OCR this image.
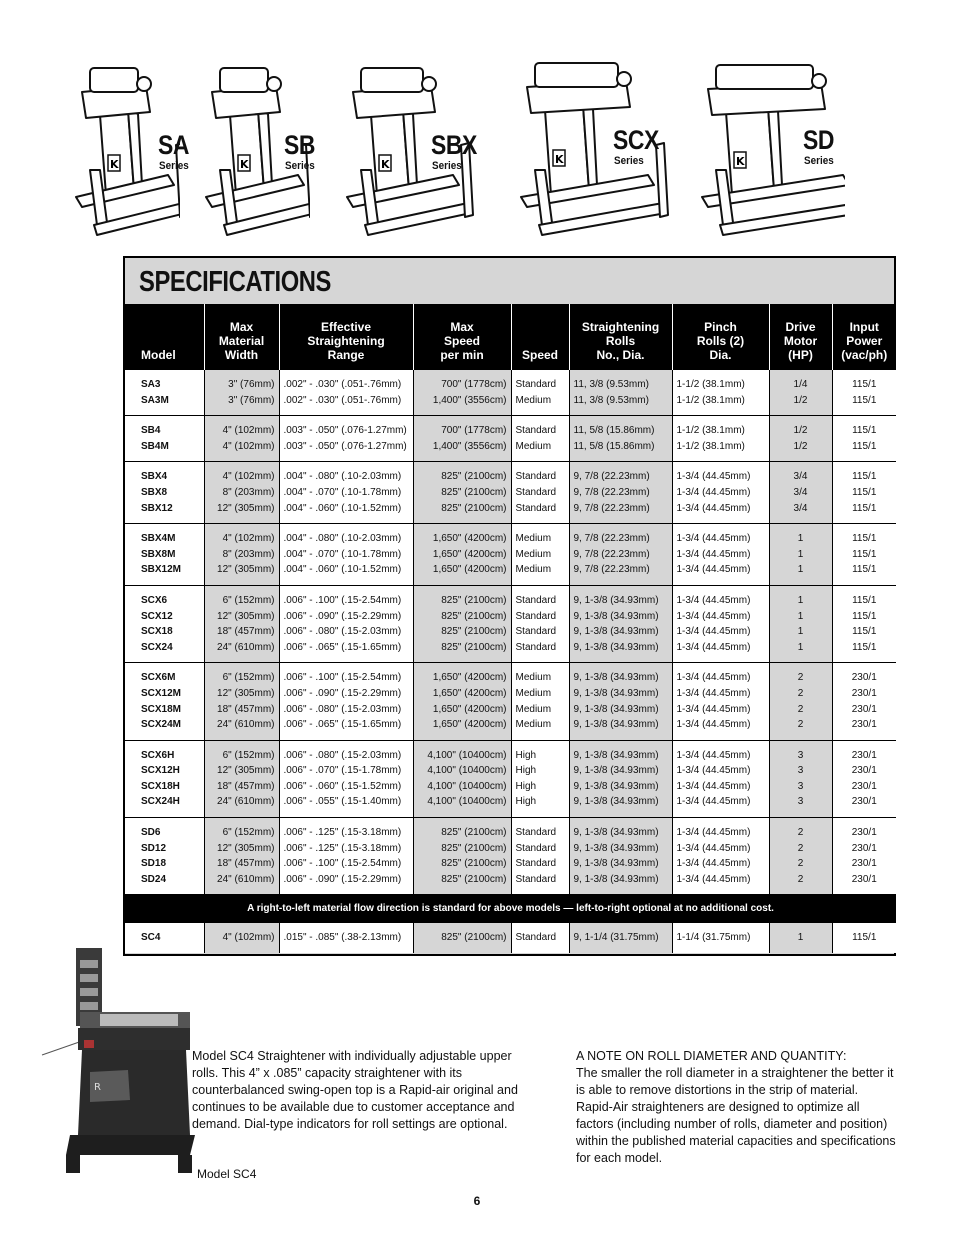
K
SA
Series	K
SB
Series	K
SBX
Series	K
SCX
Series	K
SD
Series
SPECIFICATIONS
Model	Max
Material
Width	Effective
Straightening
Range	Max
Speed
per min	Speed	Straightening
Rolls
No., Dia.	Pinch
Rolls (2)
Dia.	Drive
Motor
(HP)	Input
Power
(vac/ph)

SA3	3" (76mm)	.002" - .030" (.051-.76mm)	700" (1778cm)	Standard	11, 3/8 (9.53mm)	1-1/2 (38.1mm)	1/4	115/1
SA3M	3" (76mm)	.002" - .030" (.051-.76mm)	1,400" (3556cm)	Medium	11, 3/8 (9.53mm)	1-1/2 (38.1mm)	1/2	115/1

SB4	4" (102mm)	.003" - .050" (.076-1.27mm)	700" (1778cm)	Standard	11, 5/8 (15.86mm)	1-1/2 (38.1mm)	1/2	115/1
SB4M	4" (102mm)	.003" - .050" (.076-1.27mm)	1,400" (3556cm)	Medium	11, 5/8 (15.86mm)	1-1/2 (38.1mm)	1/2	115/1

SBX4	4" (102mm)	.004" - .080" (.10-2.03mm)	825" (2100cm)	Standard	9, 7/8 (22.23mm)	1-3/4 (44.45mm)	3/4	115/1
SBX8	8" (203mm)	.004" - .070" (.10-1.78mm)	825" (2100cm)	Standard	9, 7/8 (22.23mm)	1-3/4 (44.45mm)	3/4	115/1
SBX12	12" (305mm)	.004" - .060" (.10-1.52mm)	825" (2100cm)	Standard	9, 7/8 (22.23mm)	1-3/4 (44.45mm)	3/4	115/1

SBX4M	4" (102mm)	.004" - .080" (.10-2.03mm)	1,650" (4200cm)	Medium	9, 7/8 (22.23mm)	1-3/4 (44.45mm)	1	115/1
SBX8M	8" (203mm)	.004" - .070" (.10-1.78mm)	1,650" (4200cm)	Medium	9, 7/8 (22.23mm)	1-3/4 (44.45mm)	1	115/1
SBX12M	12" (305mm)	.004" - .060" (.10-1.52mm)	1,650" (4200cm)	Medium	9, 7/8 (22.23mm)	1-3/4 (44.45mm)	1	115/1

SCX6	6" (152mm)	.006" - .100" (.15-2.54mm)	825" (2100cm)	Standard	9, 1-3/8 (34.93mm)	1-3/4 (44.45mm)	1	115/1
SCX12	12" (305mm)	.006" - .090" (.15-2.29mm)	825" (2100cm)	Standard	9, 1-3/8 (34.93mm)	1-3/4 (44.45mm)	1	115/1
SCX18	18" (457mm)	.006" - .080" (.15-2.03mm)	825" (2100cm)	Standard	9, 1-3/8 (34.93mm)	1-3/4 (44.45mm)	1	115/1
SCX24	24" (610mm)	.006" - .065" (.15-1.65mm)	825" (2100cm)	Standard	9, 1-3/8 (34.93mm)	1-3/4 (44.45mm)	1	115/1

SCX6M	6" (152mm)	.006" - .100" (.15-2.54mm)	1,650" (4200cm)	Medium	9, 1-3/8 (34.93mm)	1-3/4 (44.45mm)	2	230/1
SCX12M	12" (305mm)	.006" - .090" (.15-2.29mm)	1,650" (4200cm)	Medium	9, 1-3/8 (34.93mm)	1-3/4 (44.45mm)	2	230/1
SCX18M	18" (457mm)	.006" - .080" (.15-2.03mm)	1,650" (4200cm)	Medium	9, 1-3/8 (34.93mm)	1-3/4 (44.45mm)	2	230/1
SCX24M	24" (610mm)	.006" - .065" (.15-1.65mm)	1,650" (4200cm)	Medium	9, 1-3/8 (34.93mm)	1-3/4 (44.45mm)	2	230/1

SCX6H	6" (152mm)	.006" - .080" (.15-2.03mm)	4,100" (10400cm)	High	9, 1-3/8 (34.93mm)	1-3/4 (44.45mm)	3	230/1
SCX12H	12" (305mm)	.006" - .070" (.15-1.78mm)	4,100" (10400cm)	High	9, 1-3/8 (34.93mm)	1-3/4 (44.45mm)	3	230/1
SCX18H	18" (457mm)	.006" - .060" (.15-1.52mm)	4,100" (10400cm)	High	9, 1-3/8 (34.93mm)	1-3/4 (44.45mm)	3	230/1
SCX24H	24" (610mm)	.006" - .055" (.15-1.40mm)	4,100" (10400cm)	High	9, 1-3/8 (34.93mm)	1-3/4 (44.45mm)	3	230/1

SD6	6" (152mm)	.006" - .125" (.15-3.18mm)	825" (2100cm)	Standard	9, 1-3/8 (34.93mm)	1-3/4 (44.45mm)	2	230/1
SD12	12" (305mm)	.006" - .125" (.15-3.18mm)	825" (2100cm)	Standard	9, 1-3/8 (34.93mm)	1-3/4 (44.45mm)	2	230/1
SD18	18" (457mm)	.006" - .100" (.15-2.54mm)	825" (2100cm)	Standard	9, 1-3/8 (34.93mm)	1-3/4 (44.45mm)	2	230/1
SD24	24" (610mm)	.006" - .090" (.15-2.29mm)	825" (2100cm)	Standard	9, 1-3/8 (34.93mm)	1-3/4 (44.45mm)	2	230/1

A right-to-left material flow direction is standard for above models — left-to-right optional at no additional cost.								

SC4	4" (102mm)	.015" - .085" (.38-2.13mm)	825" (2100cm)	Standard	9, 1-1/4 (31.75mm)	1-1/4 (31.75mm)	1	115/1

R
Model SC4 Straightener with individually adjustable upper rolls. This 4” x .085” capacity straightener with its counterbalanced swing-open top is a Rapid-air original and continues to be available due to customer acceptance and demand. Dial-type indicators for roll settings are optional.
Model SC4
A NOTE ON ROLL DIAMETER AND QUANTITY:
The smaller the roll diameter in a straightener the better it is able to remove distortions in the strip of material. Rapid-Air straighteners are designed to optimize all factors (including number of rolls, diameter and position) within the published material capacities and specifications for each model.
6
